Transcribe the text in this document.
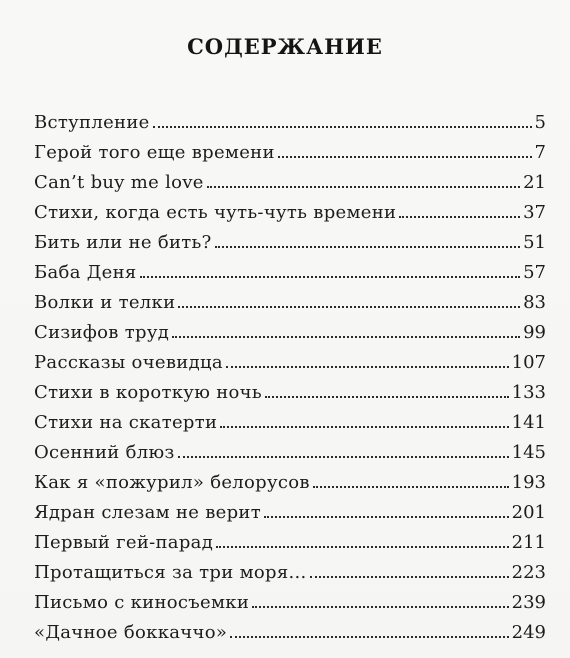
СОДЕРЖАНИЕ
Вступление	5
Герой того еще времени	7
Can’t buy me love	21
Стихи, когда есть чуть-чуть времени	37
Бить или не бить?	51
Баба Деня	57
Волки и телки	83
Сизифов труд	99
Рассказы очевидца	107
Стихи в короткую ночь	133
Стихи на скатерти	141
Осенний блюз	145
Как я «пожурил» белорусов	193
Ядран слезам не верит	201
Первый гей-парад	211
Протащиться за три моря...	223
Письмо с киносъемки	239
«Дачное боккаччо»	249
